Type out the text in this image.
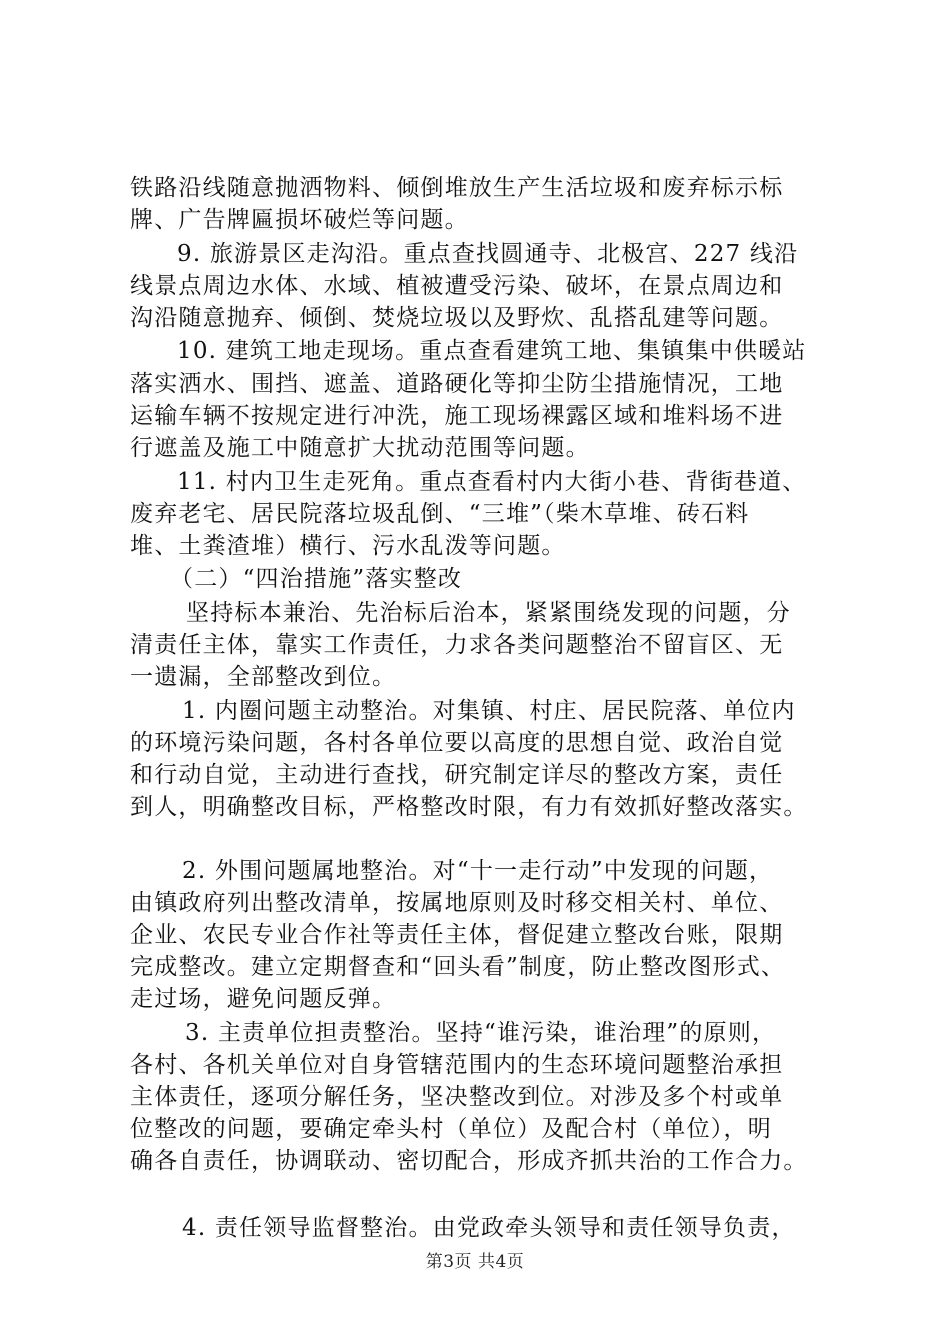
铁路沿线随意抛洒物料、倾倒堆放生产生活垃圾和废弃标示标
牌、广告牌匾损坏破烂等问题。
9. 旅游景区走沟沿。重点查找圆通寺、北极宫、227 线沿
线景点周边水体、水域、植被遭受污染、破坏，在景点周边和
沟沿随意抛弃、倾倒、焚烧垃圾以及野炊、乱搭乱建等问题。
10. 建筑工地走现场。重点查看建筑工地、集镇集中供暖站
落实洒水、围挡、遮盖、道路硬化等抑尘防尘措施情况，工地
运输车辆不按规定进行冲洗，施工现场裸露区域和堆料场不进
行遮盖及施工中随意扩大扰动范围等问题。
11. 村内卫生走死角。重点查看村内大街小巷、背街巷道、
废弃老宅、居民院落垃圾乱倒、“三堆”（柴木草堆、砖石料
堆、土粪渣堆）横行、污水乱泼等问题。
（二）“四治措施”落实整改
坚持标本兼治、先治标后治本，紧紧围绕发现的问题，分
清责任主体，靠实工作责任，力求各类问题整治不留盲区、无
一遗漏，全部整改到位。
1. 内圈问题主动整治。对集镇、村庄、居民院落、单位内
的环境污染问题，各村各单位要以高度的思想自觉、政治自觉
和行动自觉，主动进行查找，研究制定详尽的整改方案，责任
到人，明确整改目标，严格整改时限，有力有效抓好整改落实。
2. 外围问题属地整治。对“十一走行动”中发现的问题，
由镇政府列出整改清单，按属地原则及时移交相关村、单位、
企业、农民专业合作社等责任主体，督促建立整改台账，限期
完成整改。建立定期督查和“回头看”制度，防止整改图形式、
走过场，避免问题反弹。
3. 主责单位担责整治。坚持“谁污染，谁治理”的原则，
各村、各机关单位对自身管辖范围内的生态环境问题整治承担
主体责任，逐项分解任务，坚决整改到位。对涉及多个村或单
位整改的问题，要确定牵头村（单位）及配合村（单位），明
确各自责任，协调联动、密切配合，形成齐抓共治的工作合力。
4. 责任领导监督整治。由党政牵头领导和责任领导负责，
第3页 共4页
